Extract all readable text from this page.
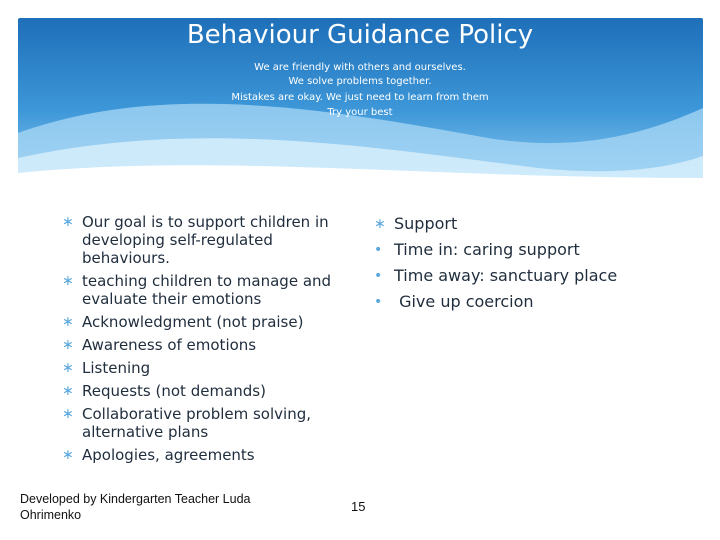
Behaviour Guidance Policy
We are friendly with others and ourselves.
We solve problems together.
Mistakes are okay. We just need to learn from them
Try your best
∗ Our goal is to support children in developing self-regulated behaviours.
∗ teaching children to manage and evaluate their emotions
∗ Acknowledgment (not praise)
∗ Awareness of emotions
∗ Listening
∗ Requests (not demands)
∗ Collaborative problem solving, alternative plans
∗ Apologies, agreements
∗ Support
• Time in: caring support
• Time away: sanctuary place
• Give up coercion
Developed by Kindergarten Teacher Luda Ohrimenko
15
